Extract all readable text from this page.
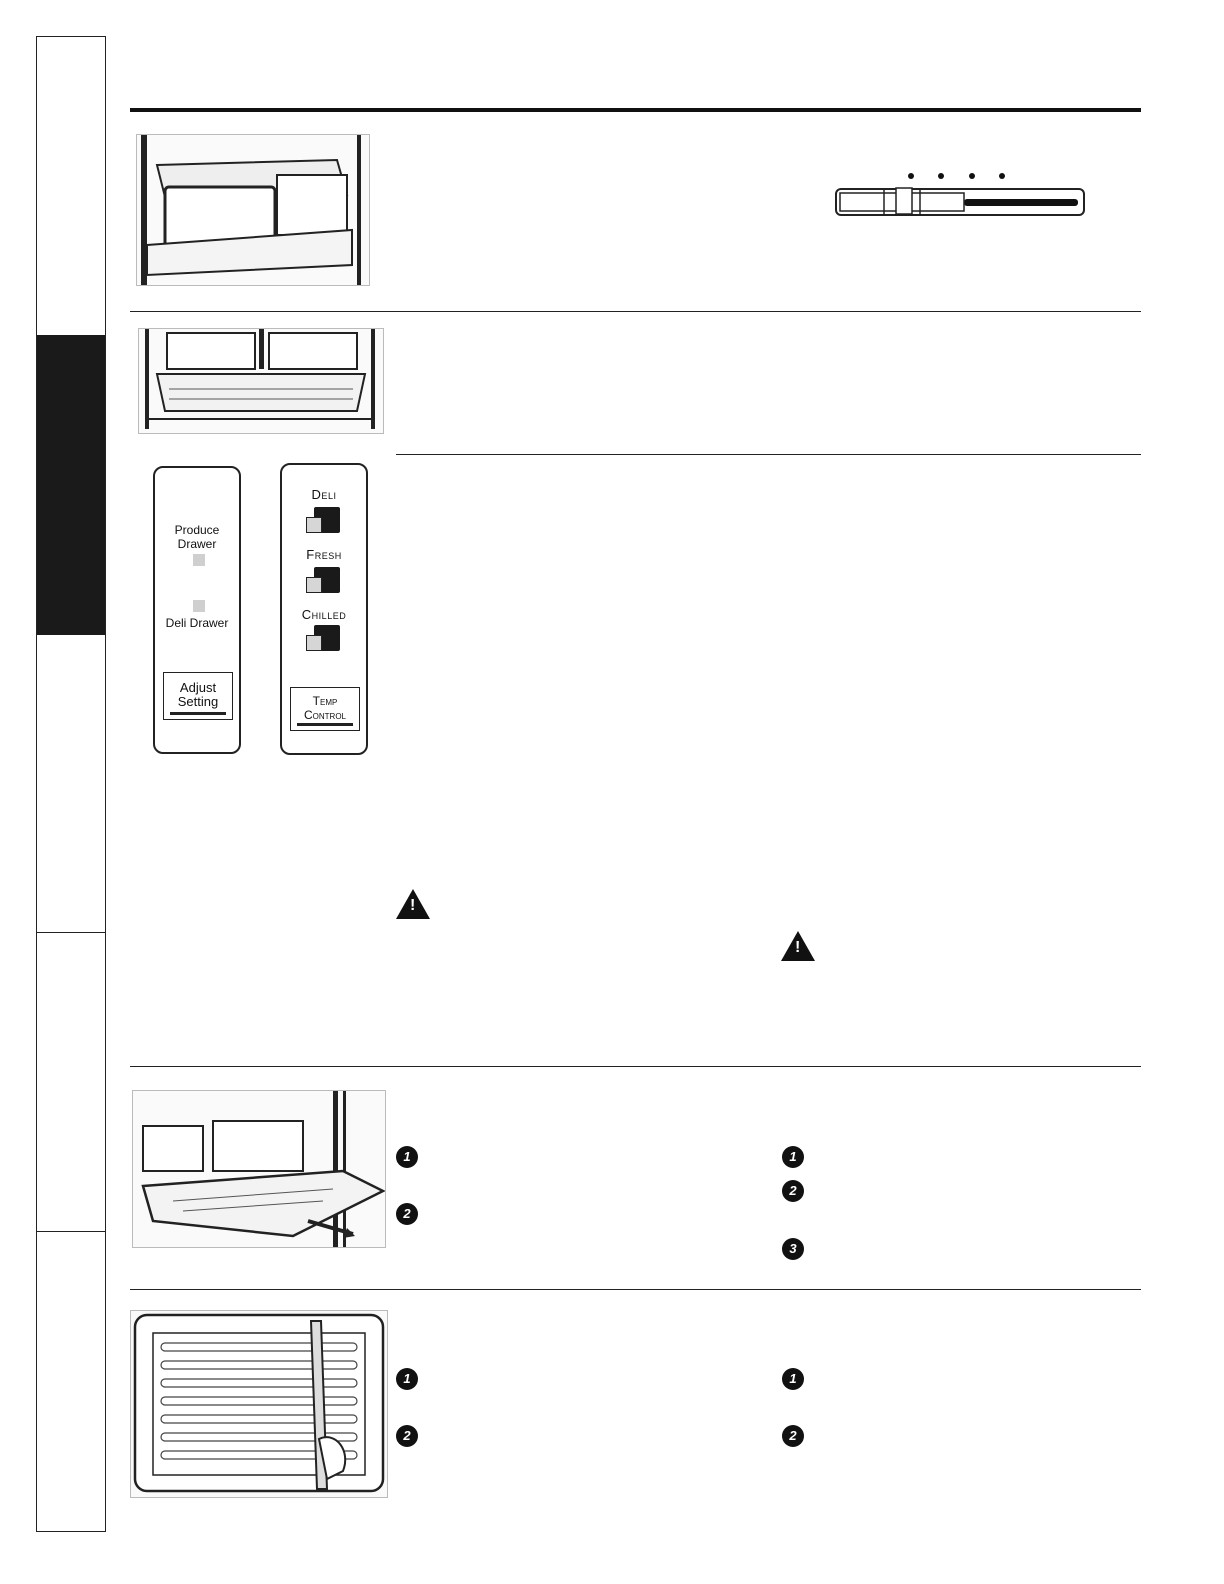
Produce Drawer
Deli Drawer
Adjust Setting
Deli
Fresh
Chilled
Temp Control
!
!
1
2
1
2
3
1
2
1
2
